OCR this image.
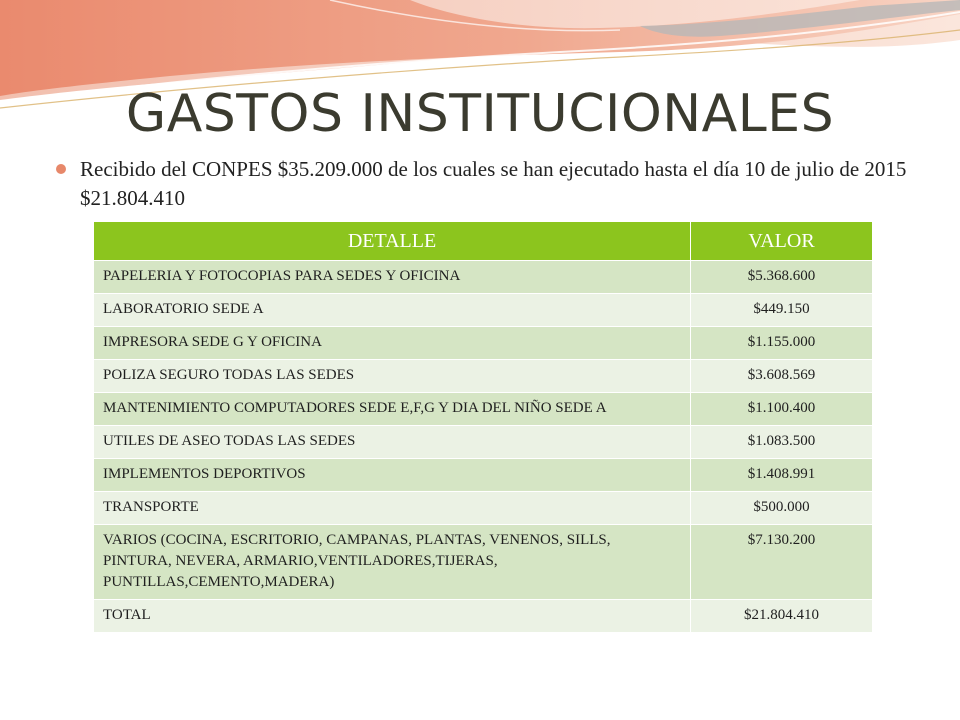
GASTOS INSTITUCIONALES
Recibido del CONPES $35.209.000 de los cuales se han ejecutado hasta el día 10 de julio de 2015 $21.804.410
DETALLE	VALOR
PAPELERIA Y FOTOCOPIAS PARA SEDES Y OFICINA	$5.368.600
LABORATORIO SEDE A	$449.150
IMPRESORA SEDE G Y OFICINA	$1.155.000
POLIZA SEGURO TODAS LAS SEDES	$3.608.569
MANTENIMIENTO COMPUTADORES SEDE E,F,G Y DIA DEL NIÑO SEDE A	$1.100.400
UTILES DE ASEO TODAS LAS SEDES	$1.083.500
IMPLEMENTOS DEPORTIVOS	$1.408.991
TRANSPORTE	$500.000
VARIOS (COCINA, ESCRITORIO, CAMPANAS, PLANTAS, VENENOS, SILLS, PINTURA, NEVERA, ARMARIO,VENTILADORES,TIJERAS, PUNTILLAS,CEMENTO,MADERA)	$7.130.200
TOTAL	$21.804.410
